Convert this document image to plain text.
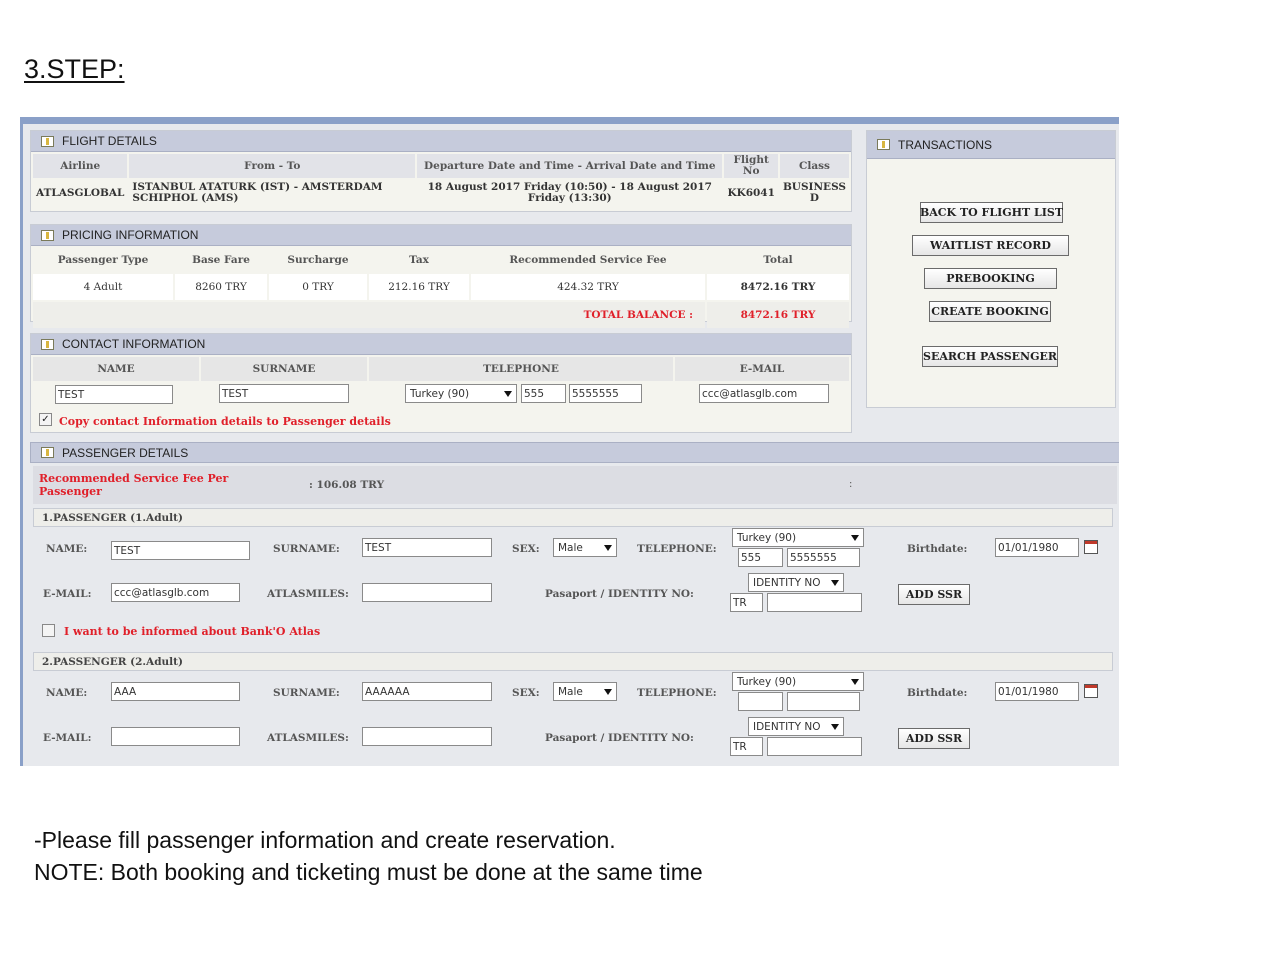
3.STEP:
FLIGHT DETAILS
Airline	From - To	Departure Date and Time - Arrival Date and Time	Flight No	Class
ATLASGLOBAL	ISTANBUL ATATURK (IST) - AMSTERDAM SCHIPHOL (AMS)	18 August 2017 Friday (10:50) - 18 August 2017 Friday (13:30)	KK6041	BUSINESS D
PRICING INFORMATION
Passenger Type	Base Fare	Surcharge	Tax	Recommended Service Fee	Total
4 Adult	8260 TRY	0 TRY	212.16 TRY	424.32 TRY	8472.16 TRY
TOTAL BALANCE :					8472.16 TRY
CONTACT INFORMATION
NAME	SURNAME	TELEPHONE	E-MAIL
TEST	TEST	Turkey (90)	555	5555555	ccc@atlasglb.com
✓ Copy contact Information details to Passenger details
TRANSACTIONS
BACK TO FLIGHT LIST
WAITLIST RECORD
PREBOOKING
CREATE BOOKING
SEARCH PASSENGER
PASSENGER DETAILS
Recommended Service Fee Per Passenger	: 106.08 TRY	:
1.PASSENGER (1.Adult)
NAME:	TEST	SURNAME: TEST	SEX: Male	TELEPHONE:
Turkey (90)
555	5555555
Birthdate:	01/01/1980
E-MAIL: ccc@atlasglb.com	ATLASMILES:	Pasaport / IDENTITY NO:
IDENTITY NO
TR
ADD SSR
I want to be informed about Bank'O Atlas
2.PASSENGER (2.Adult)
NAME:	AAA	SURNAME: AAAAAA	SEX: Male	TELEPHONE:
Turkey (90)
Birthdate:	01/01/1980
E-MAIL:	ATLASMILES:	Pasaport / IDENTITY NO:
IDENTITY NO
TR
ADD SSR
-Please fill passenger information and create reservation.
NOTE: Both booking and ticketing must be done at the same time
